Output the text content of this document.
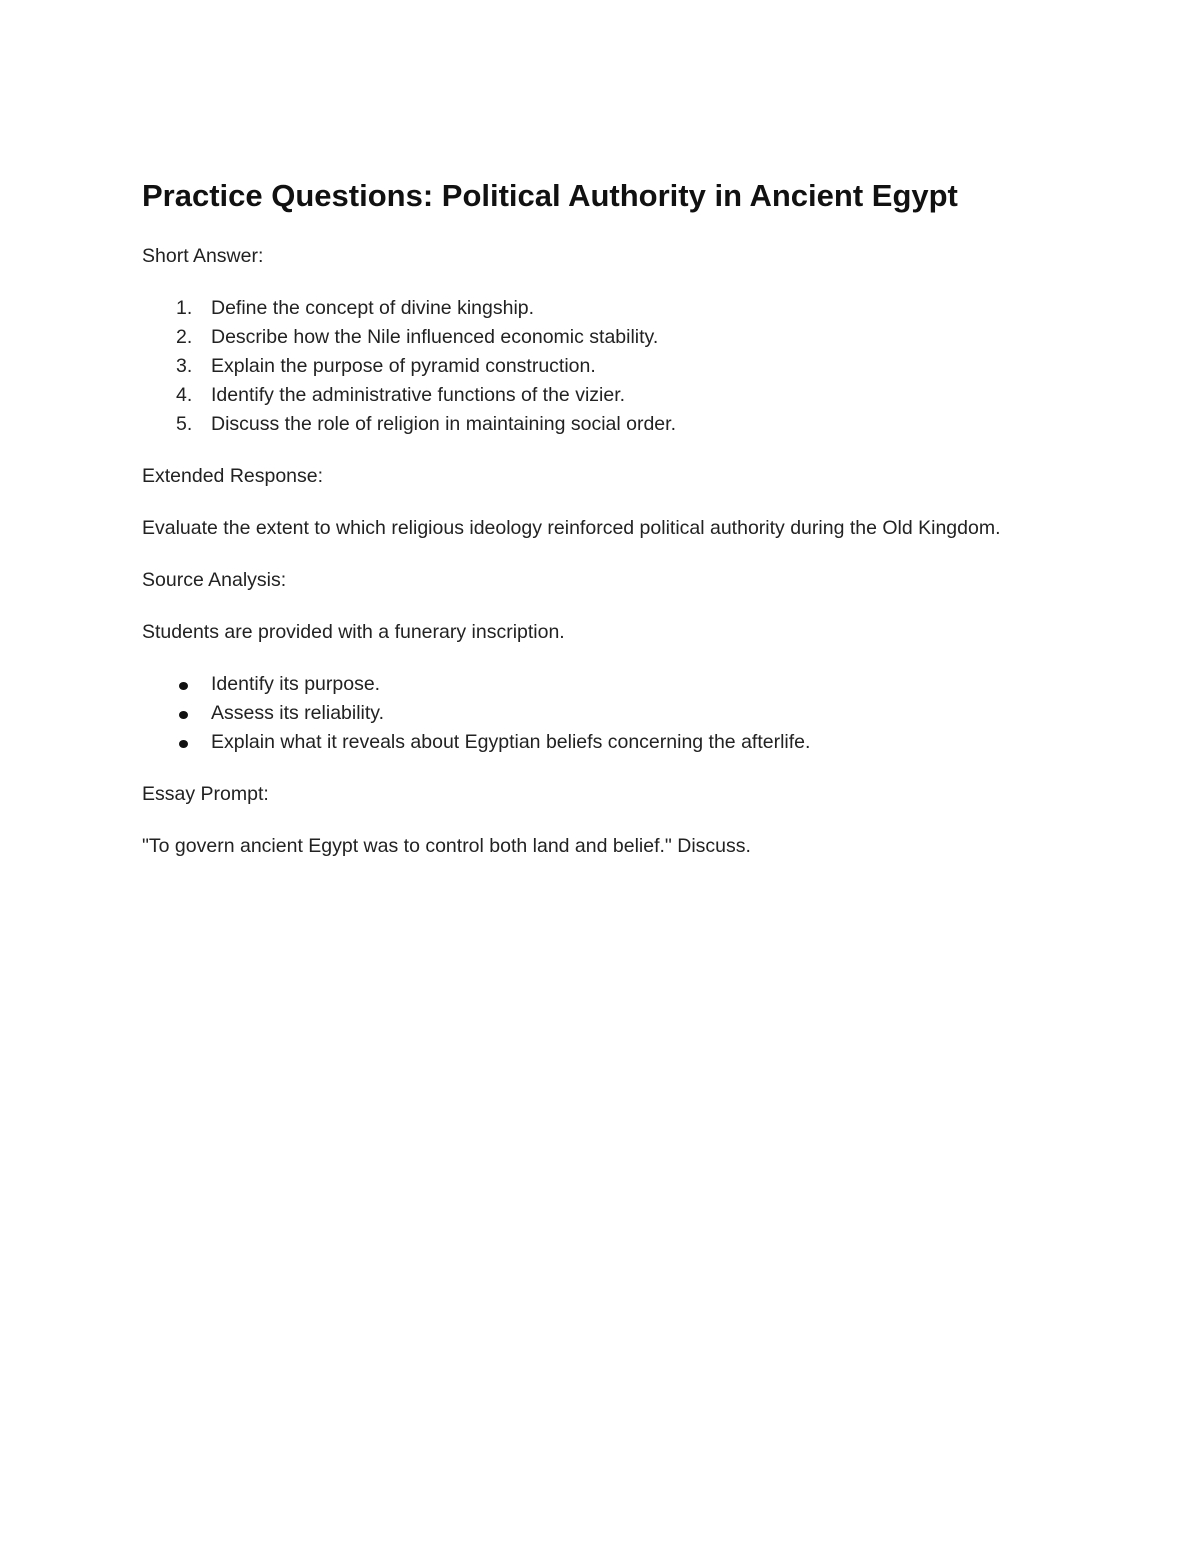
Practice Questions: Political Authority in Ancient Egypt

Short Answer:

1. Define the concept of divine kingship.
2. Describe how the Nile influenced economic stability.
3. Explain the purpose of pyramid construction.
4. Identify the administrative functions of the vizier.
5. Discuss the role of religion in maintaining social order.

Extended Response:

Evaluate the extent to which religious ideology reinforced political authority during the Old Kingdom.

Source Analysis:

Students are provided with a funerary inscription.

Identify its purpose.
Assess its reliability.
Explain what it reveals about Egyptian beliefs concerning the afterlife.

Essay Prompt:

"To govern ancient Egypt was to control both land and belief." Discuss.
